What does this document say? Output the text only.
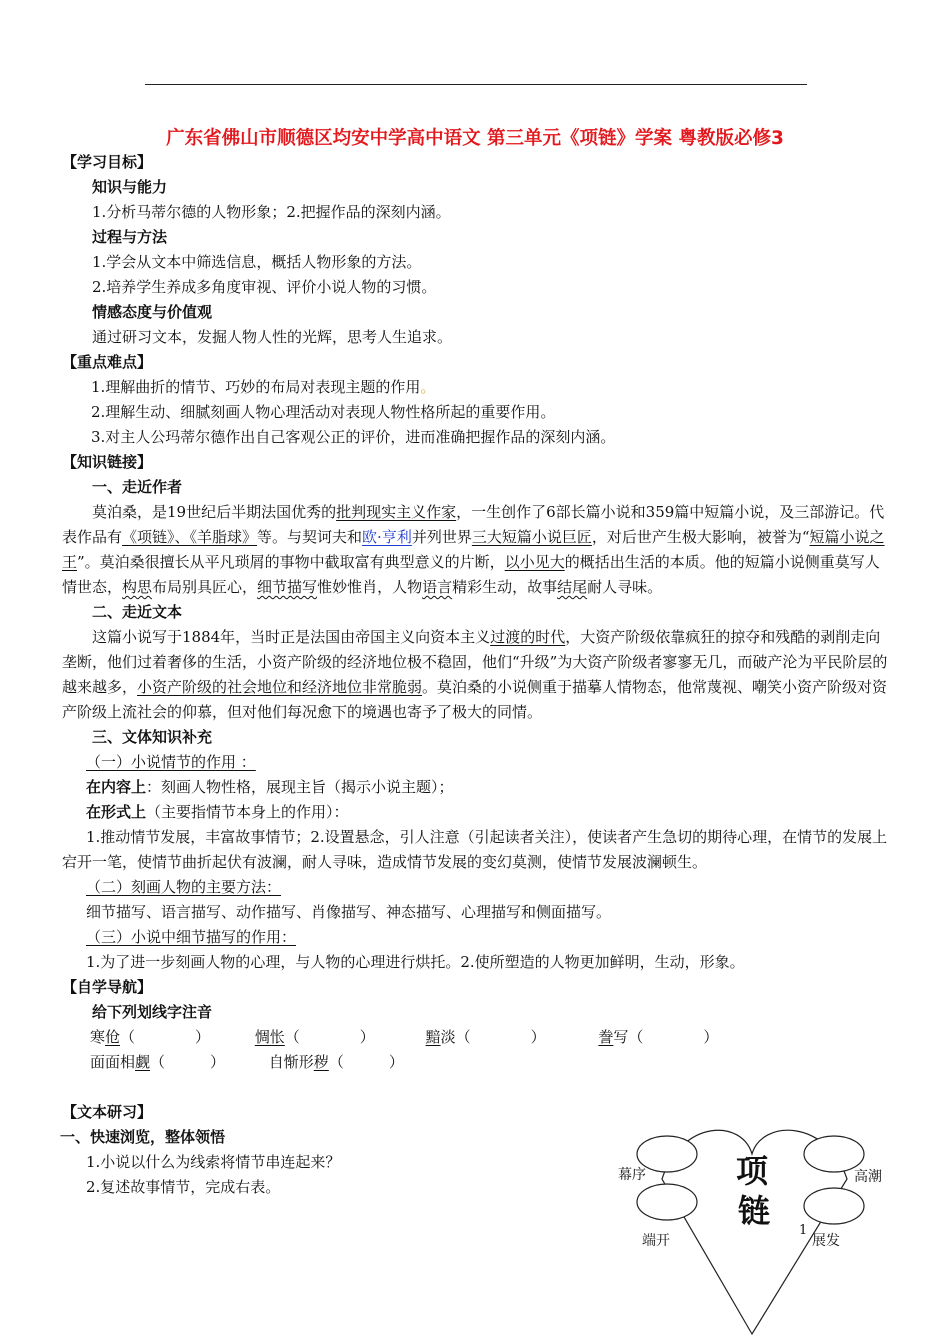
广东省佛山市顺德区均安中学高中语文 第三单元《项链》学案 粤教版必修3
【学习目标】
知识与能力
1.分析马蒂尔德的人物形象；2.把握作品的深刻内涵。
过程与方法
1.学会从文本中筛选信息，概括人物形象的方法。
2.培养学生养成多角度审视、评价小说人物的习惯。
情感态度与价值观
通过研习文本，发掘人物人性的光辉，思考人生追求。
【重点难点】
1.理解曲折的情节、巧妙的布局对表现主题的作用。
2.理解生动、细腻刻画人物心理活动对表现人物性格所起的重要作用。
3.对主人公玛蒂尔德作出自己客观公正的评价，进而准确把握作品的深刻内涵。
【知识链接】
一、走近作者

莫泊桑，是19世纪后半期法国优秀的批判现实主义作家，一生创作了6部长篇小说和359篇中短篇小说，及三部游记。代表作品有《项链》、《羊脂球》等。与契诃夫和欧·亨利并列世界三大短篇小说巨匠，对后世产生极大影响，被誉为“短篇小说之王”。莫泊桑很擅长从平凡琐屑的事物中截取富有典型意义的片断，以小见大的概括出生活的本质。他的短篇小说侧重莫写人情世态，构思布局别具匠心，细节描写惟妙惟肖，人物语言精彩生动，故事结尾耐人寻味。

二、走近文本

这篇小说写于1884年，当时正是法国由帝国主义向资本主义过渡的时代，大资产阶级依靠疯狂的掠夺和残酷的剥削走向垄断，他们过着奢侈的生活，小资产阶级的经济地位极不稳固，他们“升级”为大资产阶级者寥寥无几，而破产沦为平民阶层的越来越多，小资产阶级的社会地位和经济地位非常脆弱。莫泊桑的小说侧重于描摹人情物态，他常蔑视、嘲笑小资产阶级对资产阶级上流社会的仰慕，但对他们每况愈下的境遇也寄予了极大的同情。

三、文体知识补充
（一）小说情节的作用 ：
在内容上：刻画人物性格，展现主旨（揭示小说主题）；
在形式上（主要指情节本身上的作用）：

1.推动情节发展，丰富故事情节；2.设置悬念，引人注意（引起读者关注），使读者产生急切的期待心理，在情节的发展上宕开一笔，使情节曲折起伏有波澜，耐人寻味，造成情节发展的变幻莫测，使情节发展波澜顿生。

（二）刻画人物的主要方法：
细节描写、语言描写、动作描写、肖像描写、神态描写、心理描写和侧面描写。
（三）小说中细节描写的作用：
1.为了进一步刻画人物的心理，与人物的心理进行烘托。2.使所塑造的人物更加鲜明，生动，形象。
【自学导航】
给下列划线字注音
寒伧（　　　　）	惆怅（　　　　）	黯淡（　　　　）	誊写（　　　　）
面面相觑（　　　）	自惭形秽（　　　）
【文本研习】
一、快速浏览，整体领悟
1.小说以什么为线索将情节串连起来？
2.复述故事情节，完成右表。
幕序	高潮
端开	展发
项
链
1
